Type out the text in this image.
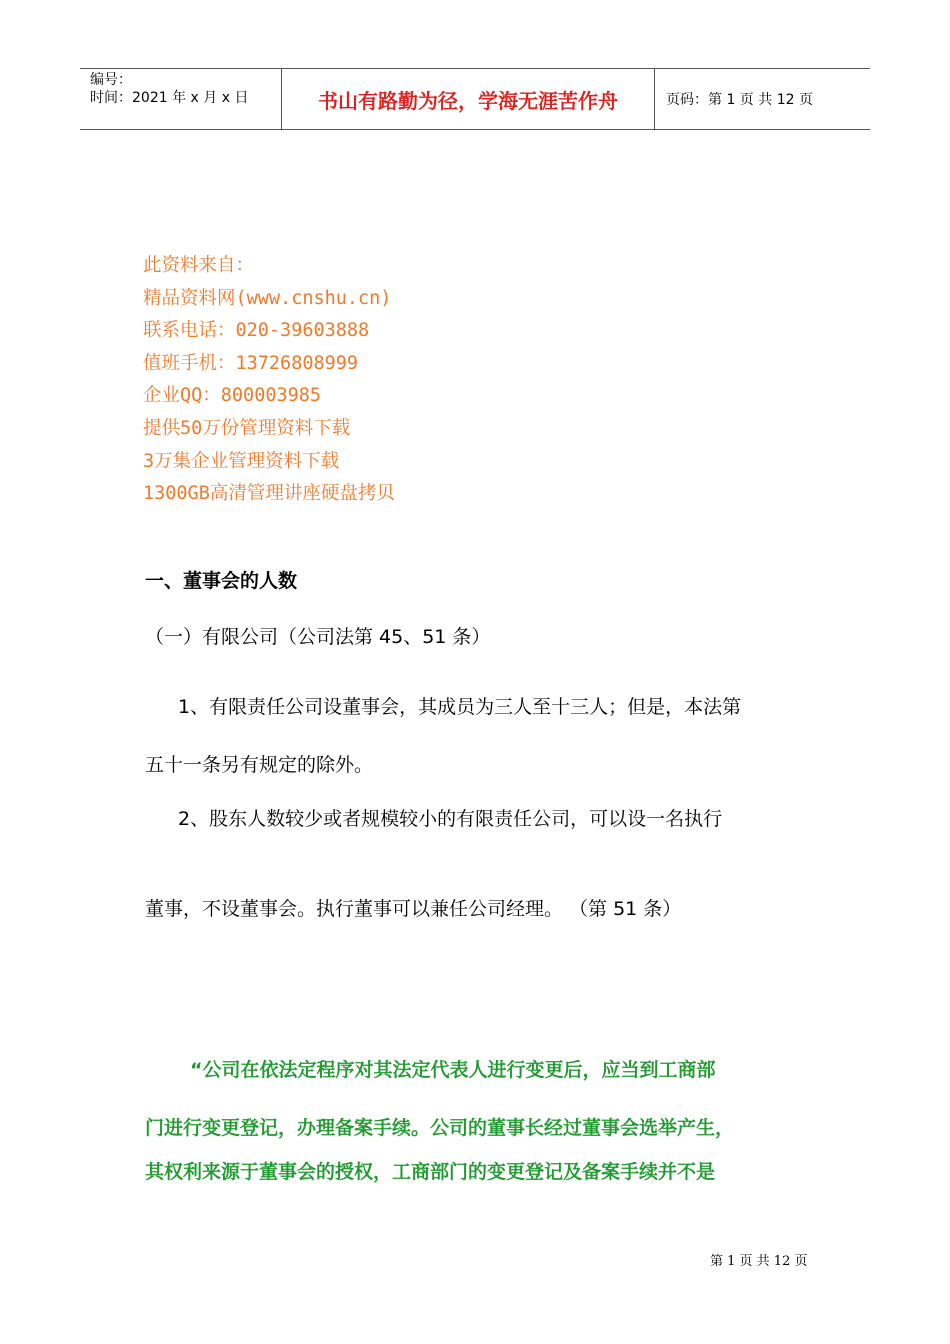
编号：
时间：2021 年 x 月 x 日	书山有路勤为径，学海无涯苦作舟	页码：第 1 页 共 12 页
此资料来自：
精品资料网(www.cnshu.cn)
联系电话：020-39603888
值班手机：13726808999
企业QQ：800003985
提供50万份管理资料下载
3万集企业管理资料下载
1300GB高清管理讲座硬盘拷贝
一、董事会的人数
（一）有限公司（公司法第 45、51 条）
1、有限责任公司设董事会，其成员为三人至十三人；但是，本法第
五十一条另有规定的除外。
2、股东人数较少或者规模较小的有限责任公司，可以设一名执行
董事，不设董事会。执行董事可以兼任公司经理。 （第 51 条）
“公司在依法定程序对其法定代表人进行变更后，应当到工商部
门进行变更登记，办理备案手续。公司的董事长经过董事会选举产生，
其权利来源于董事会的授权，工商部门的变更登记及备案手续并不是
第 1 页 共 12 页
